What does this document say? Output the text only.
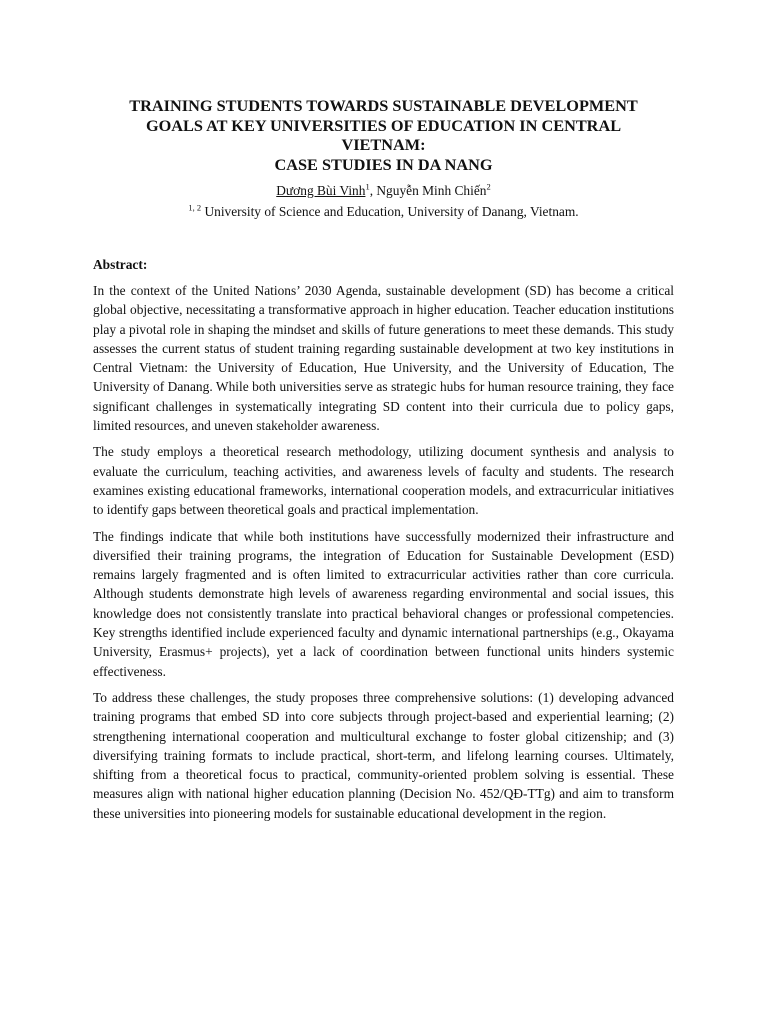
TRAINING STUDENTS TOWARDS SUSTAINABLE DEVELOPMENT
GOALS AT KEY UNIVERSITIES OF EDUCATION IN CENTRAL
VIETNAM:
CASE STUDIES IN DA NANG
Dương Bùi Vinh$^1$, Nguyễn Minh Chiến$^2$
$^{1, 2}$ University of Science and Education, University of Danang, Vietnam.
Abstract:

In the context of the United Nations’ 2030 Agenda, sustainable development (SD) has become a critical global objective, necessitating a transformative approach in higher education. Teacher education institutions play a pivotal role in shaping the mindset and skills of future generations to meet these demands. This study assesses the current status of student training regarding sustainable development at two key institutions in Central Vietnam: the University of Education, Hue University, and the University of Education, The University of Danang. While both universities serve as strategic hubs for human resource training, they face significant challenges in systematically integrating SD content into their curricula due to policy gaps, limited resources, and uneven stakeholder awareness.

The study employs a theoretical research methodology, utilizing document synthesis and analysis to evaluate the curriculum, teaching activities, and awareness levels of faculty and students. The research examines existing educational frameworks, international cooperation models, and extracurricular initiatives to identify gaps between theoretical goals and practical implementation.

The findings indicate that while both institutions have successfully modernized their infrastructure and diversified their training programs, the integration of Education for Sustainable Development (ESD) remains largely fragmented and is often limited to extracurricular activities rather than core curricula. Although students demonstrate high levels of awareness regarding environmental and social issues, this knowledge does not consistently translate into practical behavioral changes or professional competencies. Key strengths identified include experienced faculty and dynamic international partnerships (e.g., Okayama University, Erasmus+ projects), yet a lack of coordination between functional units hinders systemic effectiveness.

To address these challenges, the study proposes three comprehensive solutions: (1) developing advanced training programs that embed SD into core subjects through project-based and experiential learning; (2) strengthening international cooperation and multicultural exchange to foster global citizenship; and (3) diversifying training formats to include practical, short-term, and lifelong learning courses. Ultimately, shifting from a theoretical focus to practical, community-oriented problem solving is essential. These measures align with national higher education planning (Decision No. 452/QĐ-TTg) and aim to transform these universities into pioneering models for sustainable educational development in the region.
